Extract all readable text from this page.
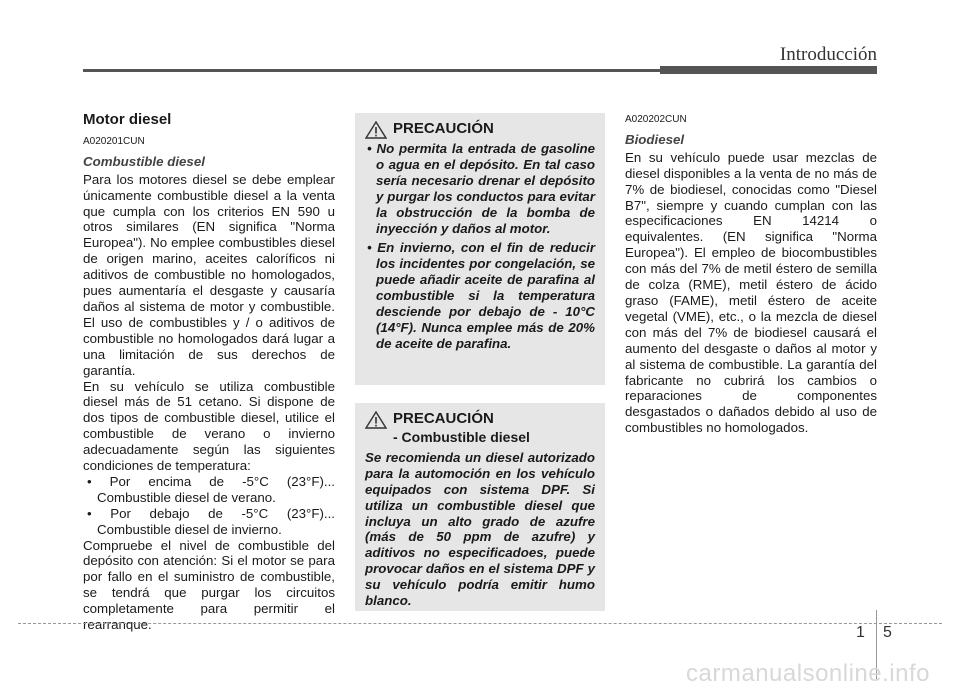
Introducción
Motor diesel
A020201CUN
Combustible diesel

Para los motores diesel se debe emplear únicamente combustible diesel a la venta que cumpla con los criterios EN 590 u otros similares (EN significa "Norma Europea"). No emplee combustibles diesel de origen marino, aceites caloríficos ni aditivos de combustible no homologados, pues aumentaría el desgaste y causaría daños al sistema de motor y combustible. El uso de combustibles y / o aditivos de combustible no homologados dará lugar a una limitación de sus derechos de garantía.

En su vehículo se utiliza combustible diesel más de 51 cetano. Si dispone de dos tipos de combustible diesel, utilice el combustible de verano o invierno adecuadamente según las siguientes condiciones de temperatura:

• Por encima de -5°C (23°F)... Combustible diesel de verano.
• Por debajo de -5°C (23°F)... Combustible diesel de invierno.

Compruebe el nivel de combustible del depósito con atención: Si el motor se para por fallo en el suministro de combustible, se tendrá que purgar los circuitos completamente para permitir el rearranque.

PRECAUCIÓN
• No permita la entrada de gasoline o agua en el depósito. En tal caso sería necesario drenar el depósito y purgar los conductos para evitar la obstrucción de la bomba de inyección y daños al motor.
• En invierno, con el fin de reducir los incidentes por congelación, se puede añadir aceite de parafina al combustible si la temperatura desciende por debajo de - 10°C (14°F). Nunca emplee más de 20% de aceite de parafina.
PRECAUCIÓN
- Combustible diesel
Se recomienda un diesel autorizado para la automoción en los vehículo equipados con sistema DPF. Si utiliza un combustible diesel que incluya un alto grado de azufre (más de 50 ppm de azufre) y aditivos no especificadoes, puede provocar daños en el sistema DPF y su vehículo podría emitir humo blanco.
A020202CUN
Biodiesel

En su vehículo puede usar mezclas de diesel disponibles a la venta de no más de 7% de biodiesel, conocidas como "Diesel B7", siempre y cuando cumplan con las especificaciones EN 14214 o equivalentes. (EN significa "Norma Europea"). El empleo de biocombustibles con más del 7% de metil éstero de semilla de colza (RME), metil éstero de ácido graso (FAME), metil éstero de aceite vegetal (VME), etc., o la mezcla de diesel con más del 7% de biodiesel causará el aumento del desgaste o daños al motor y al sistema de combustible. La garantía del fabricante no cubrirá los cambios o reparaciones de componentes desgastados o dañados debido al uso de combustibles no homologados.

1 5
carmanualsonline.info
